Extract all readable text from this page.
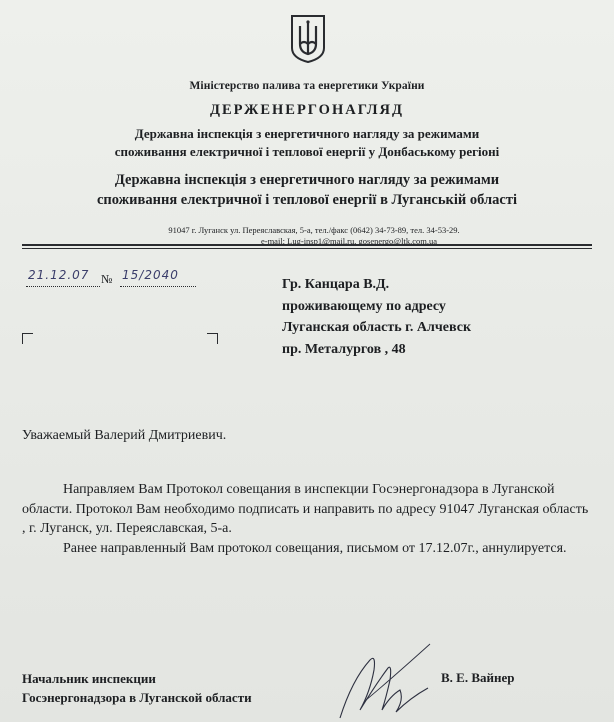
Міністерство палива та енергетики України
ДЕРЖЕНЕРГОНАГЛЯД
Державна інспекція з енергетичного нагляду за режимами
споживання електричної і теплової енергії у Донбаському регіоні
Державна інспекція з енергетичного нагляду за режимами
споживання електричної і теплової енергії в Луганській області
91047 г. Луганск ул. Переяславская, 5-а, тел./факс (0642) 34-73-89, тел. 34-53-29.
e-mail: Lug-insp1@mail.ru, gosenergo@ltk.com.ua
21.12.07 № 15/2040
Гр. Канцара В.Д.
проживающему по адресу
Луганская область г. Алчевск
пр. Металургов , 48
Уважаемый Валерий Дмитриевич.

Направляем Вам Протокол совещания в инспекции Госэнергонадзора в Луганской области. Протокол Вам необходимо подписать и направить по адресу 91047 Луганская область , г. Луганск, ул. Переяславская, 5-а.

Ранее направленный Вам протокол совещания, письмом от 17.12.07г., аннулируется.

Начальник инспекции
Госэнергонадзора в Луганской области
В. Е. Вайнер
